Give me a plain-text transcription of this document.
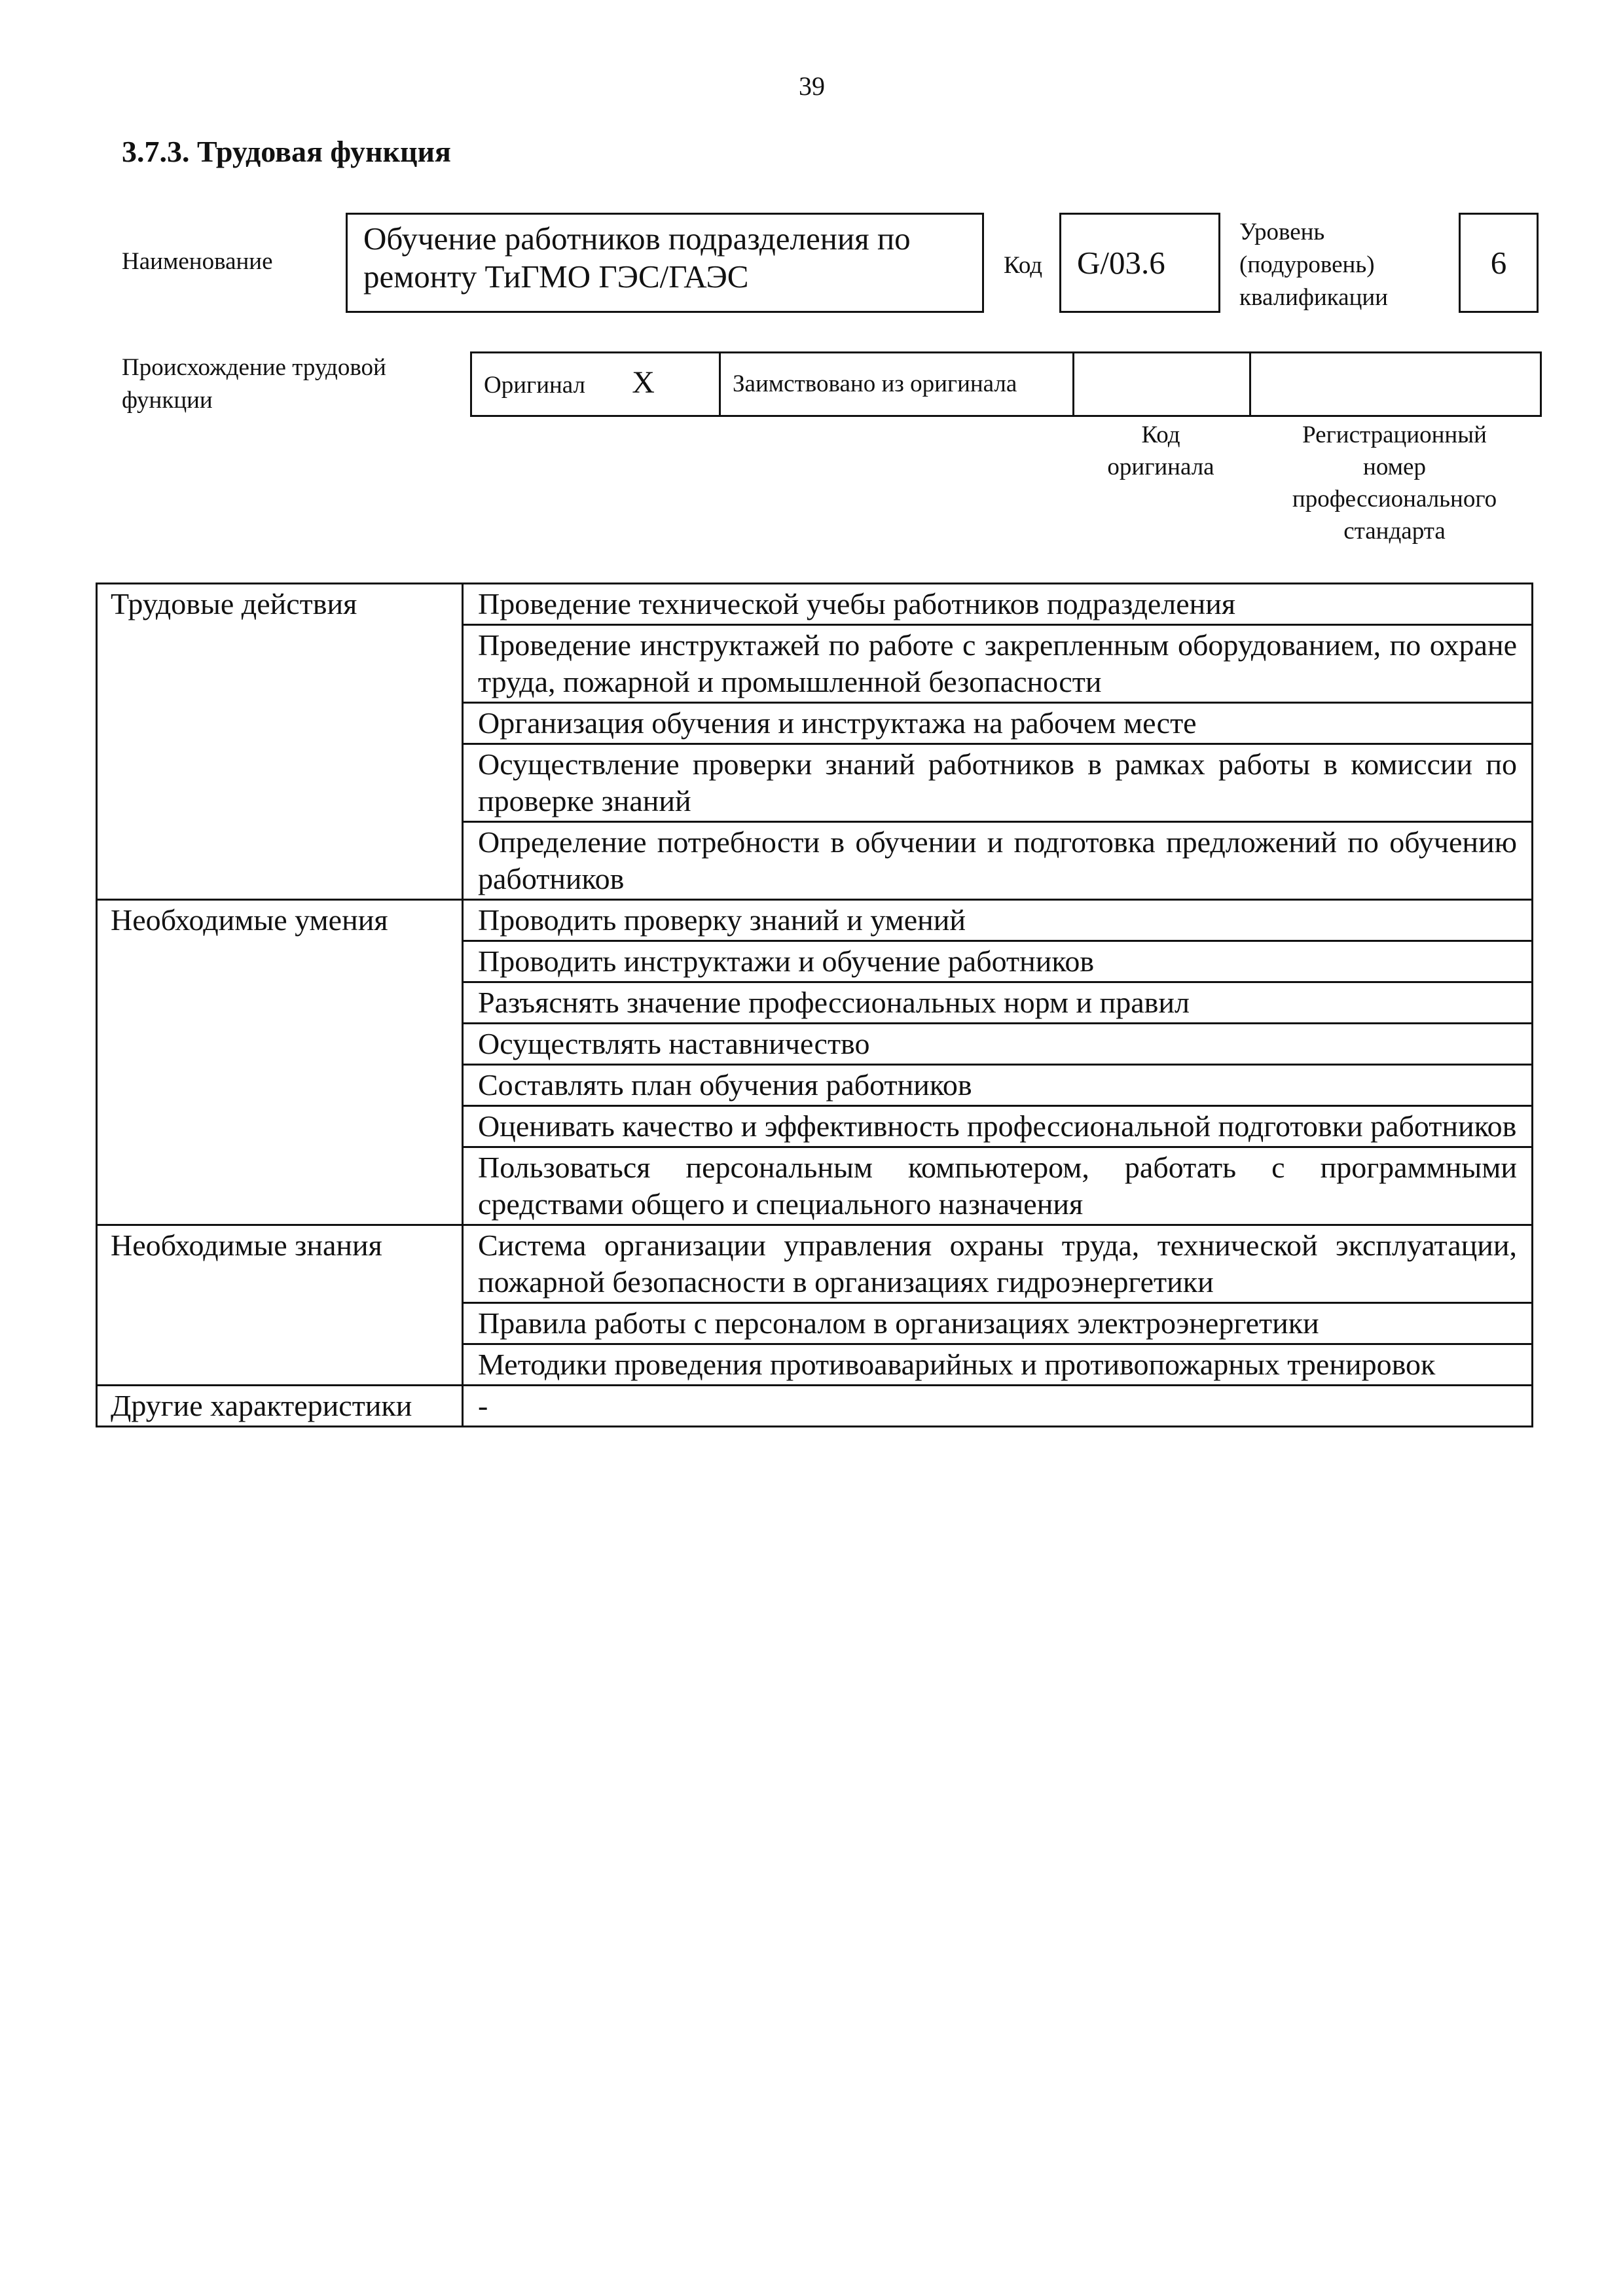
39
3.7.3. Трудовая функция
Наименование
Обучение работников подразделения по ремонту ТиГМО ГЭС/ГАЭС	Код G/03.6
Уровень
(подуровень)
квалификации
6
Происхождение трудовой
функции
Оригинал X	Заимствовано из оригинала		
Код
оригинала
Регистрационный
номер
профессионального
стандарта
Трудовые действия	Проведение технической учебы работников подразделения
	Проведение инструктажей по работе с закрепленным оборудованием, по охране труда, пожарной и промышленной безопасности
	Организация обучения и инструктажа на рабочем месте
	Осуществление проверки знаний работников в рамках работы в комиссии по проверке знаний
	Определение потребности в обучении и подготовка предложений по обучению работников
Необходимые умения	Проводить проверку знаний и умений
	Проводить инструктажи и обучение работников
	Разъяснять значение профессиональных норм и правил
	Осуществлять наставничество
	Составлять план обучения работников
	Оценивать качество и эффективность профессиональной подготовки работников
	Пользоваться персональным компьютером, работать с программными средствами общего и специального назначения
Необходимые знания	Система организации управления охраны труда, технической эксплуатации, пожарной безопасности в организациях гидроэнергетики
	Правила работы с персоналом в организациях электроэнергетики
	Методики проведения противоаварийных и противопожарных тренировок
Другие характеристики	-
